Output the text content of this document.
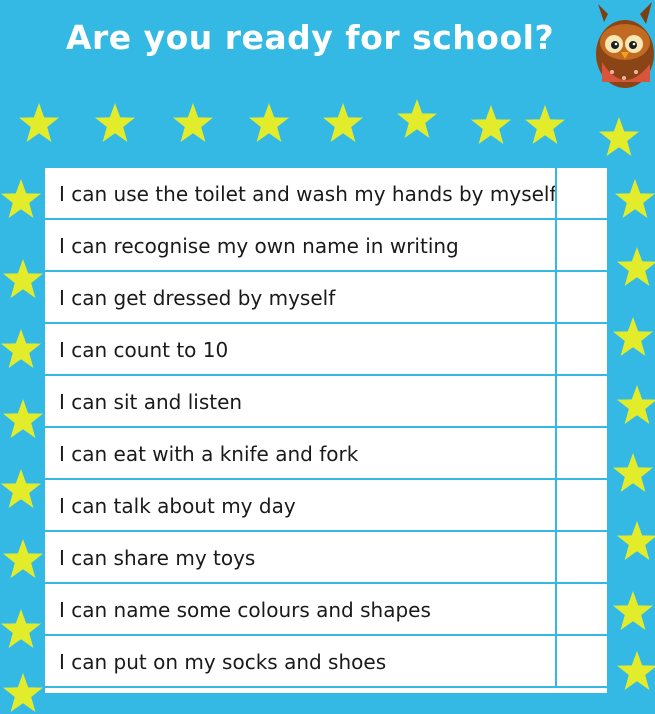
Are you ready for school?
I can use the toilet and wash my hands by myself
I can recognise my own name in writing
I can get dressed by myself
I can count to 10
I can sit and listen
I can eat with a knife and fork
I can talk about my day
I can share my toys
I can name some colours and shapes
I can put on my socks and shoes
